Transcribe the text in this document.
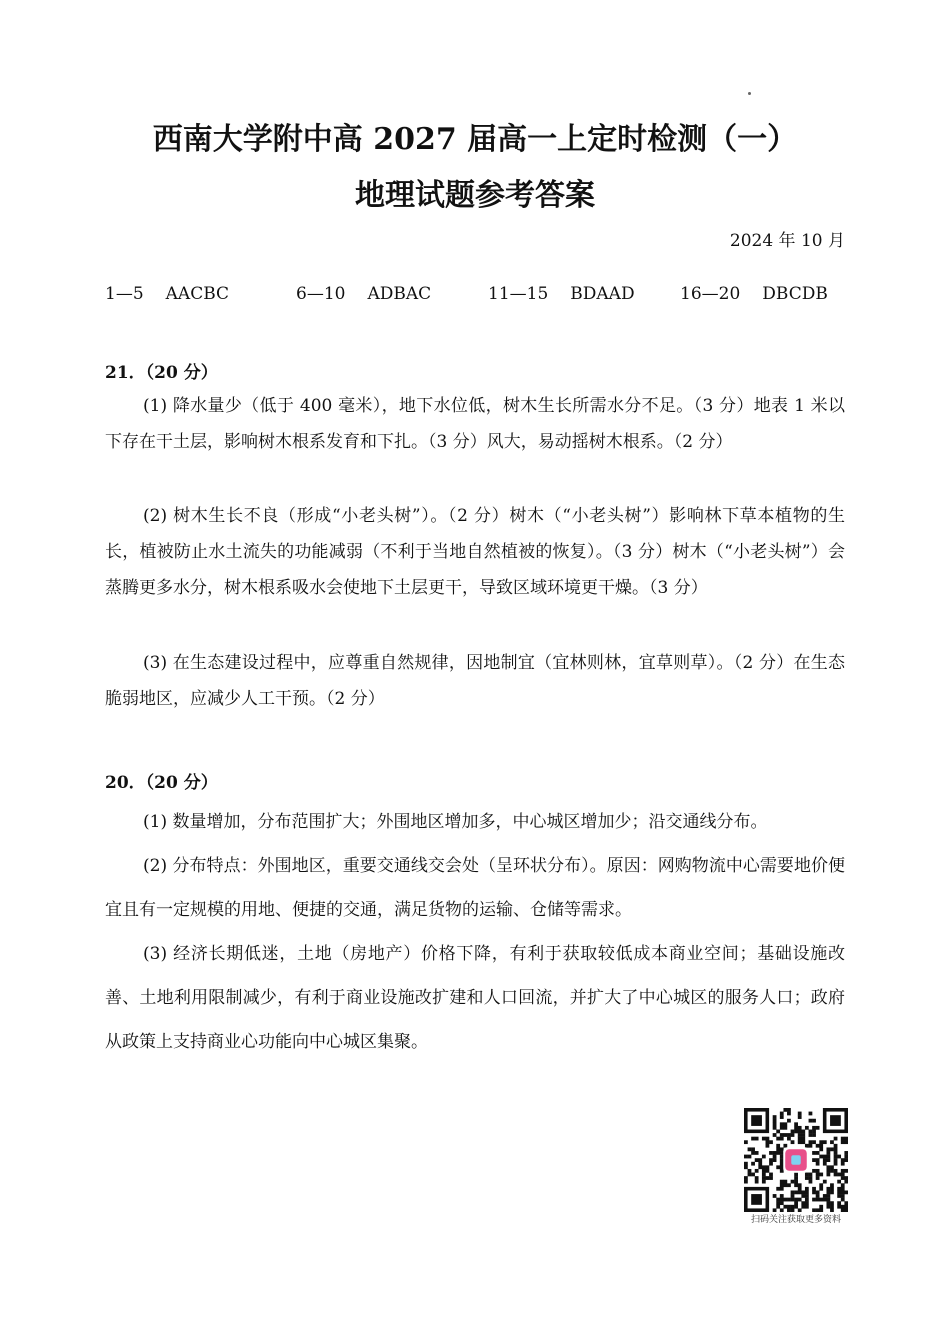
西南大学附中高 2027 届高一上定时检测（一）
地理试题参考答案
2024 年 10 月
1—5 AACBC	6—10 ADBAC	11—15 BDAAD	16—20 DBCDB
21．（20 分）

(1) 降水量少（低于 400 毫米），地下水位低，树木生长所需水分不足。（3 分）地表 1 米以下存在干土层，影响树木根系发育和下扎。（3 分）风大，易动摇树木根系。（2 分）

(2) 树木生长不良（形成“小老头树”）。（2 分）树木（“小老头树”）影响林下草本植物的生长，植被防止水土流失的功能减弱（不利于当地自然植被的恢复）。（3 分）树木（“小老头树”）会蒸腾更多水分，树木根系吸水会使地下土层更干，导致区域环境更干燥。（3 分）

(3) 在生态建设过程中，应尊重自然规律，因地制宜（宜林则林，宜草则草）。（2 分）在生态脆弱地区，应减少人工干预。（2 分）

20．（20 分）

(1) 数量增加，分布范围扩大；外围地区增加多，中心城区增加少；沿交通线分布。

(2) 分布特点：外围地区，重要交通线交会处（呈环状分布）。原因：网购物流中心需要地价便宜且有一定规模的用地、便捷的交通，满足货物的运输、仓储等需求。

(3) 经济长期低迷，土地（房地产）价格下降，有利于获取较低成本商业空间；基础设施改善、土地利用限制减少，有利于商业设施改扩建和人口回流，并扩大了中心城区的服务人口；政府从政策上支持商业心功能向中心城区集聚。

扫码关注获取更多资料
